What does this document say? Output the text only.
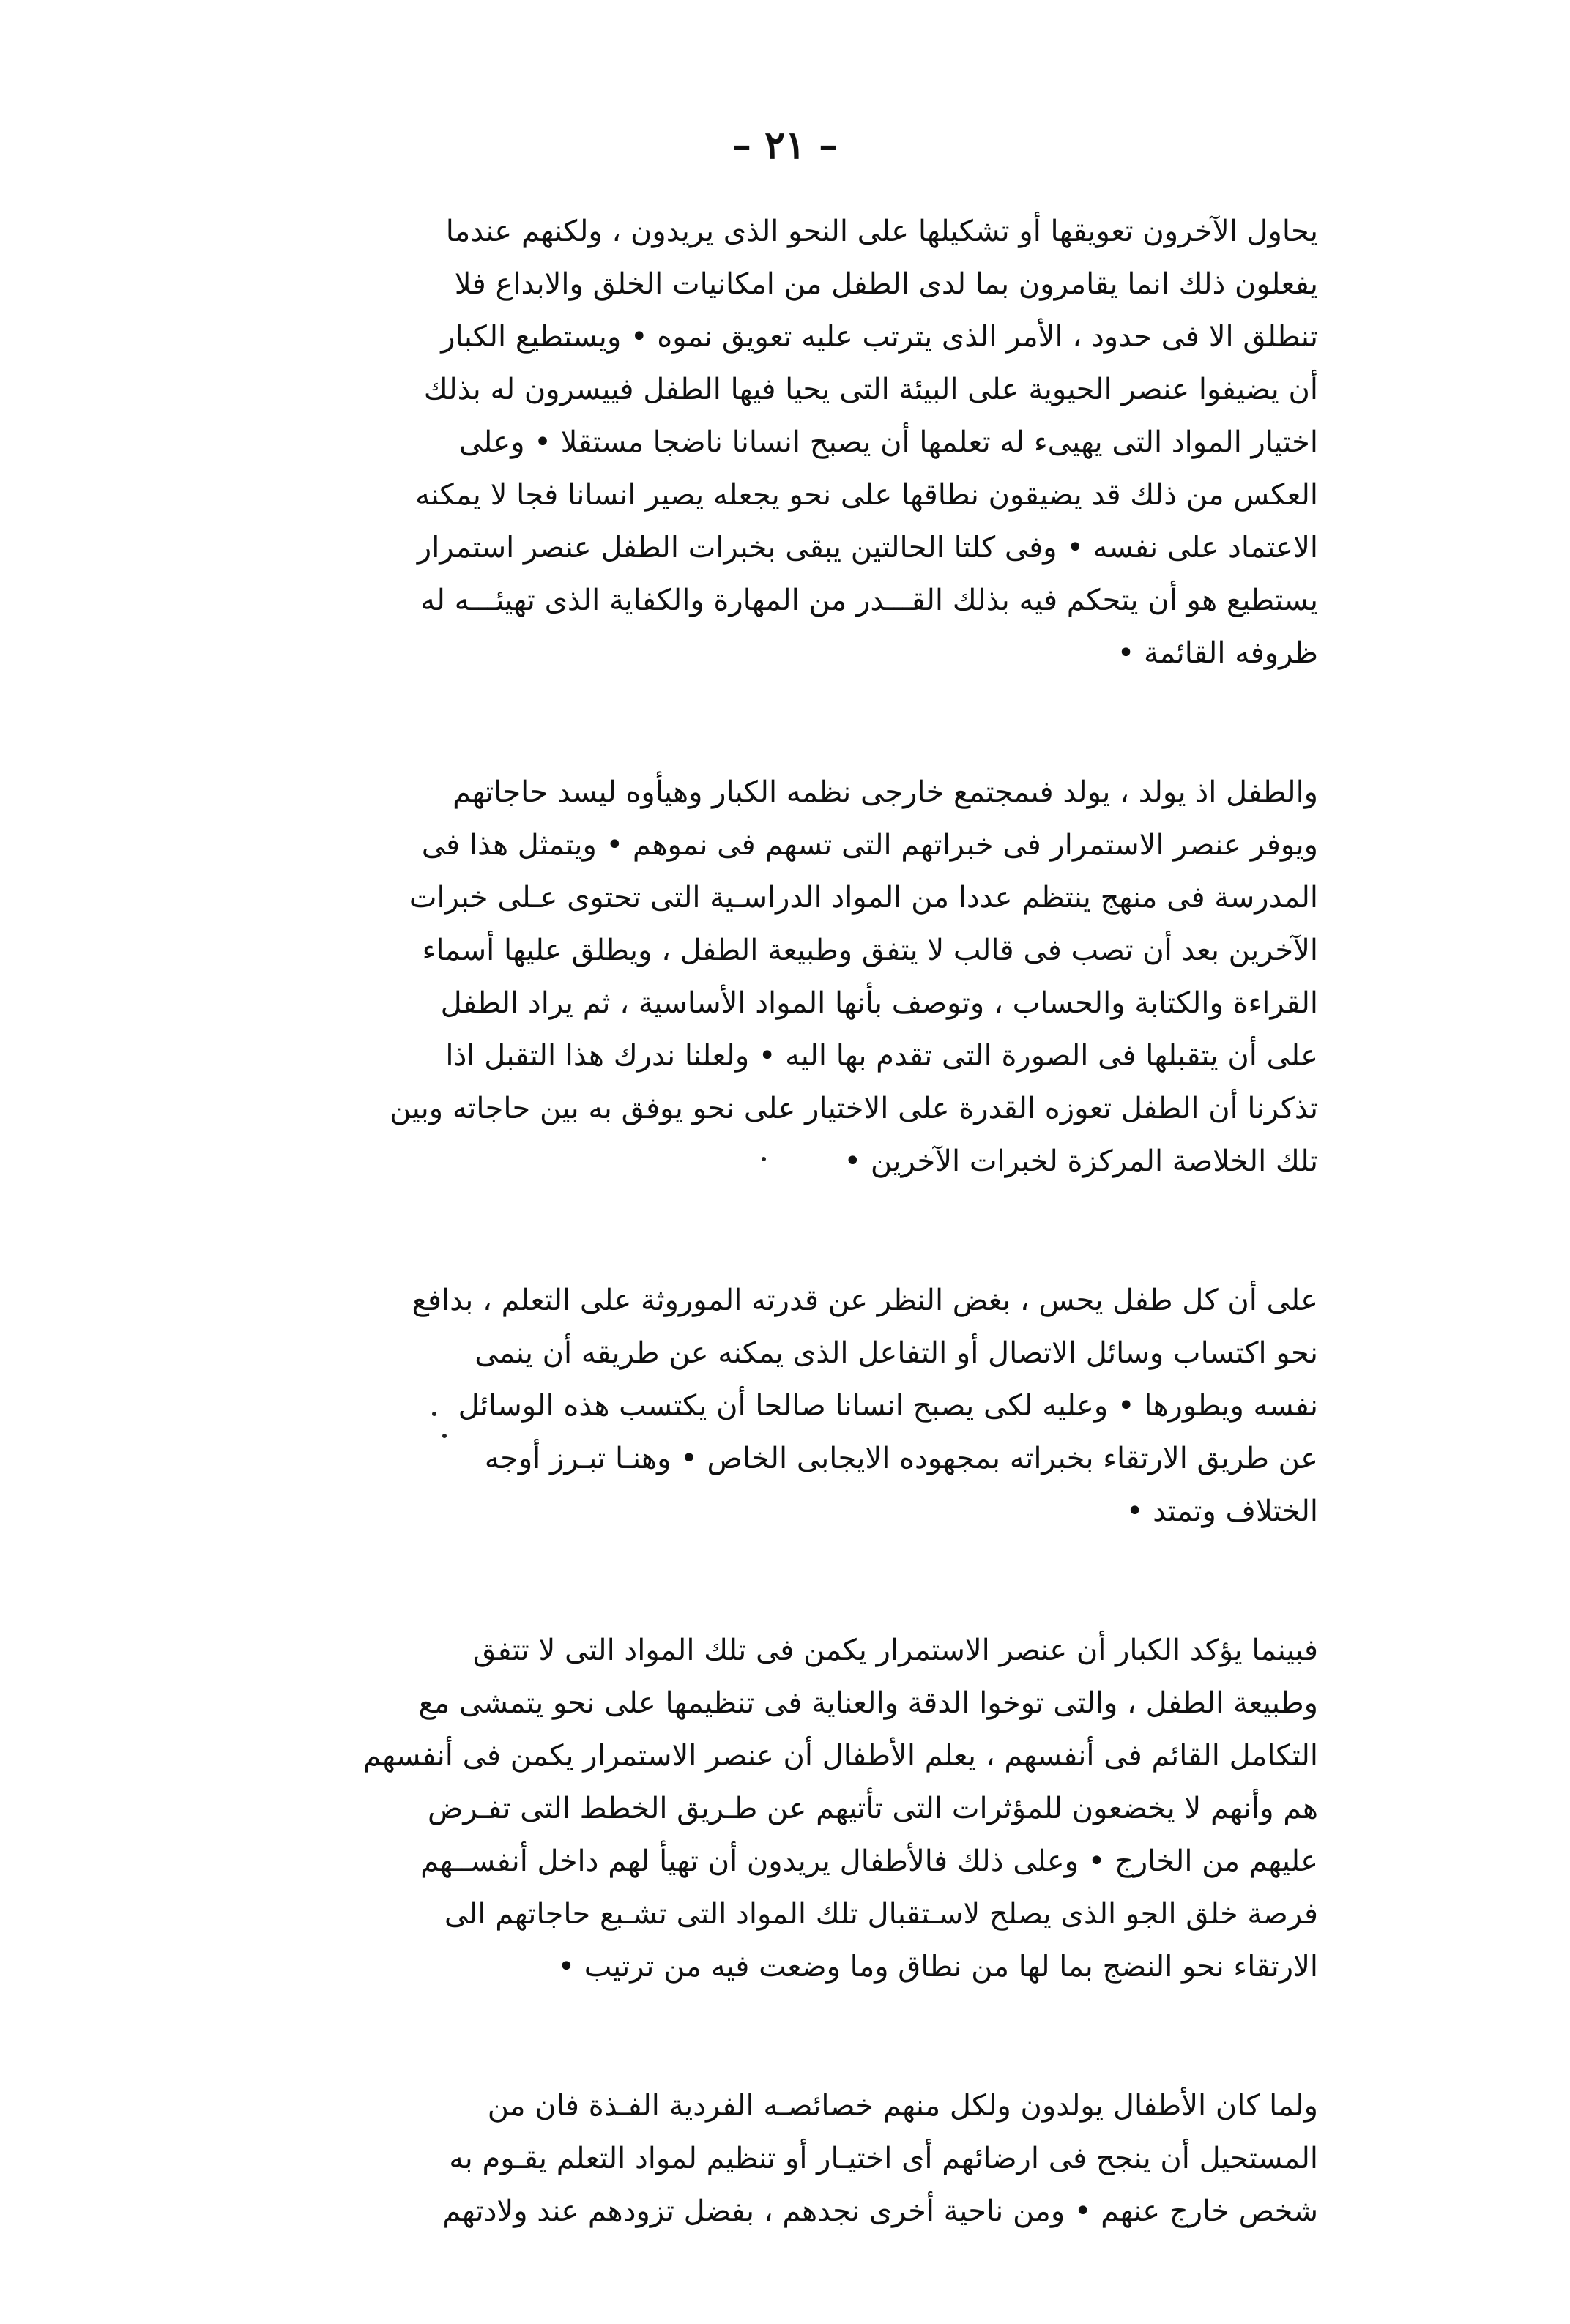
– ٢١ –

يحاول الآخرون تعويقها أو تشكيلها على النحو الذى يريدون ، ولكنهم عندما
يفعلون ذلك انما يقامرون بما لدى الطفل من امكانيات الخلق والابداع فلا
تنطلق الا فى حدود ، الأمر الذى يترتب عليه تعويق نموه • ويستطيع الكبار
أن يضيفوا عنصر الحيوية على البيئة التى يحيا فيها الطفل فييسرون له بذلك
اختيار المواد التى يهيىء له تعلمها أن يصبح انسانا ناضجا مستقلا • وعلى
العكس من ذلك قد يضيقون نطاقها على نحو يجعله يصير انسانا فجا لا يمكنه
الاعتماد على نفسه • وفى كلتا الحالتين يبقى بخبرات الطفل عنصر استمرار
يستطيع هو أن يتحكم فيه بذلك القـــدر من المهارة والكفاية الذى تهيئـــه له
ظروفه القائمة •

والطفل اذ يولد ، يولد فىمجتمع خارجى نظمه الكبار وهيأوه ليسد حاجاتهم
ويوفر عنصر الاستمرار فى خبراتهم التى تسهم فى نموهم • ويتمثل هذا فى
المدرسة فى منهج ينتظم عددا من المواد الدراسـية التى تحتوى عـلى خبرات
الآخرين بعد أن تصب فى قالب لا يتفق وطبيعة الطفل ، ويطلق عليها أسماء
القراءة والكتابة والحساب ، وتوصف بأنها المواد الأساسية ، ثم يراد الطفل
على أن يتقبلها فى الصورة التى تقدم بها اليه • ولعلنا ندرك هذا التقبل اذا
تذكرنا أن الطفل تعوزه القدرة على الاختيار على نحو يوفق به بين حاجاته وبين
تلك الخلاصة المركزة لخبرات الآخرين •

على أن كل طفل يحس ، بغض النظر عن قدرته الموروثة على التعلم ، بدافع
نحو اكتساب وسائل الاتصال أو التفاعل الذى يمكنه عن طريقه أن ينمى
نفسه ويطورها • وعليه لكى يصبح انسانا صالحا أن يكتسب هذه الوسائل
عن طريق الارتقاء بخبراته بمجهوده الايجابى الخاص • وهنـا تبـرز أوجه
الختلاف وتمتد •

فبينما يؤكد الكبار أن عنصر الاستمرار يكمن فى تلك المواد التى لا تتفق
وطبيعة الطفل ، والتى توخوا الدقة والعناية فى تنظيمها على نحو يتمشى مع
التكامل القائم فى أنفسهم ، يعلم الأطفال أن عنصر الاستمرار يكمن فى أنفسهم
هم وأنهم لا يخضعون للمؤثرات التى تأتيهم عن طـريق الخطط التى تفـرض
عليهم من الخارج • وعلى ذلك فالأطفال يريدون أن تهيأ لهم داخل أنفســهم
فرصة خلق الجو الذى يصلح لاسـتقبال تلك المواد التى تشـبع حاجاتهم الى
الارتقاء نحو النضج بما لها من نطاق وما وضعت فيه من ترتيب •

ولما كان الأطفال يولدون ولكل منهم خصائصـه الفردية الفـذة فان من
المستحيل أن ينجح فى ارضائهم أى اختيـار أو تنظيم لمواد التعلم يقـوم به
شخص خارج عنهم • ومن ناحية أخرى نجدهم ، بفضل تزودهم عند ولادتهم
